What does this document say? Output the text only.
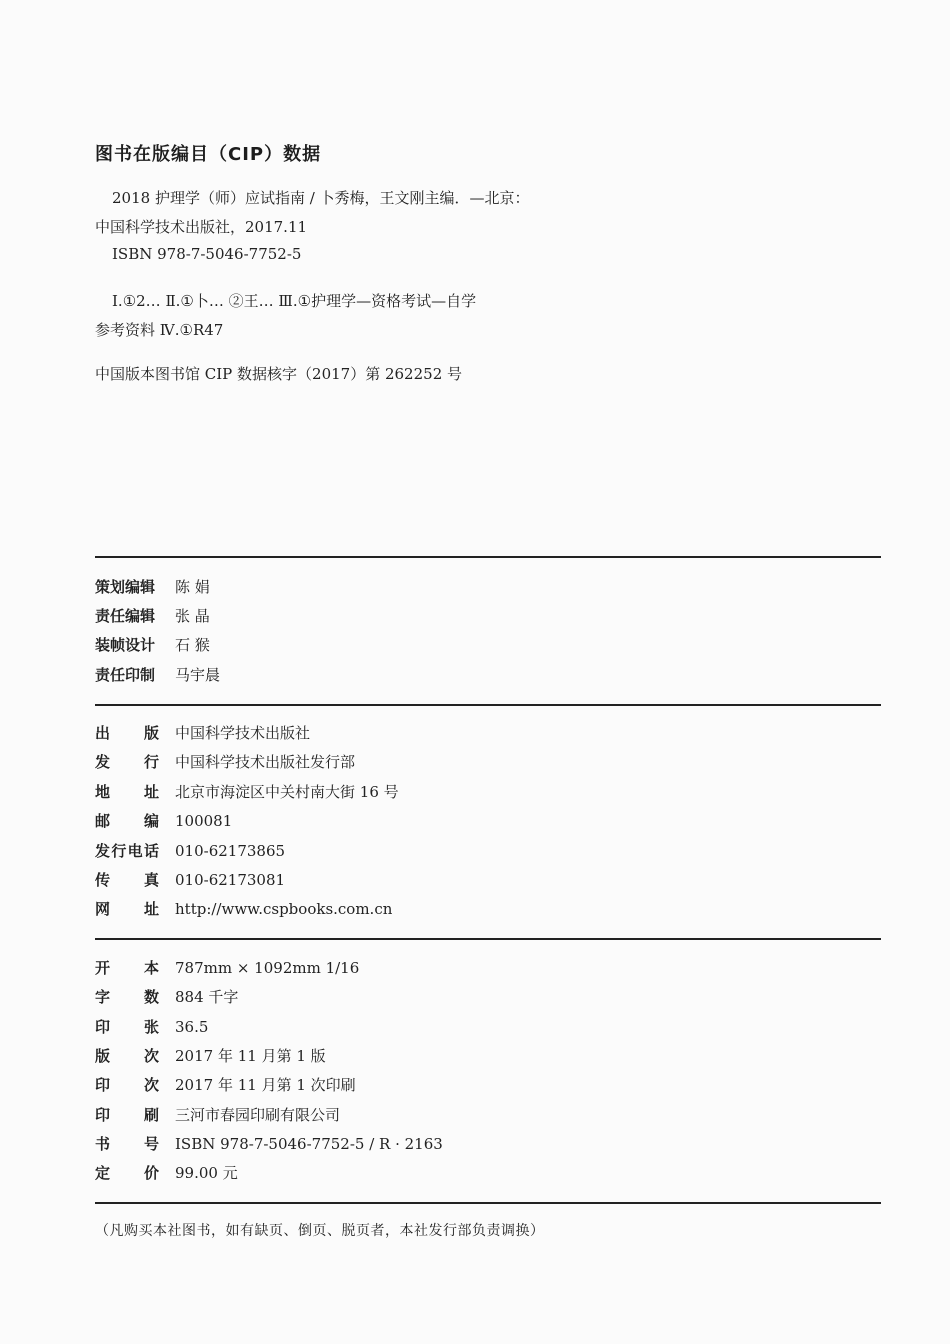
图书在版编目（CIP）数据
2018 护理学（师）应试指南 / 卜秀梅，王文刚主编．—北京：
中国科学技术出版社，2017.11
ISBN 978-7-5046-7752-5
Ⅰ.①2… Ⅱ.①卜… ②王… Ⅲ.①护理学—资格考试—自学
参考资料 Ⅳ.①R47
中国版本图书馆 CIP 数据核字（2017）第 262252 号
策划编辑 陈 娟
责任编辑 张 晶
装帧设计 石 猴
责任印制 马宇晨
出版 中国科学技术出版社
发行 中国科学技术出版社发行部
地址 北京市海淀区中关村南大街 16 号
邮编 100081
发行电话 010-62173865
传真 010-62173081
网址 http://www.cspbooks.com.cn
开本 787mm × 1092mm 1/16
字数 884 千字
印张 36.5
版次 2017 年 11 月第 1 版
印次 2017 年 11 月第 1 次印刷
印刷 三河市春园印刷有限公司
书号 ISBN 978-7-5046-7752-5 / R · 2163
定价 99.00 元
（凡购买本社图书，如有缺页、倒页、脱页者，本社发行部负责调换）
